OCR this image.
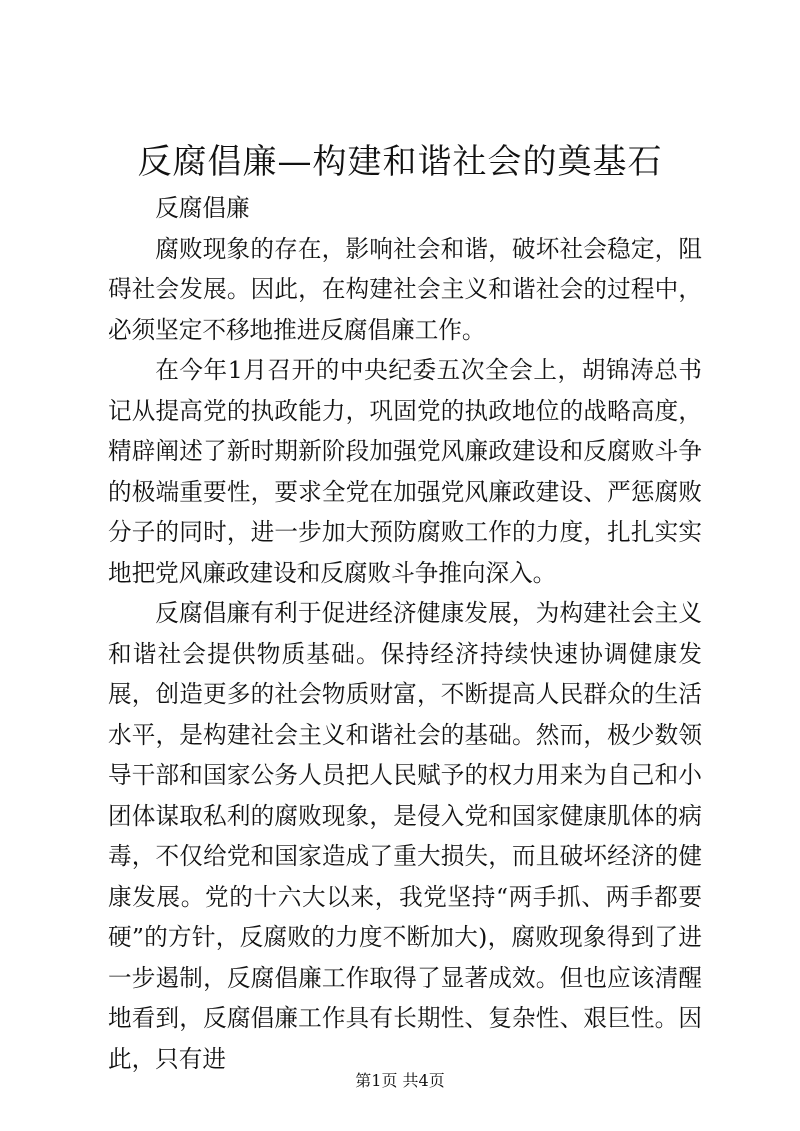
反腐倡廉—构建和谐社会的奠基石

反腐倡廉

腐败现象的存在，影响社会和谐，破坏社会稳定，阻碍社会发展。因此，在构建社会主义和谐社会的过程中，必须坚定不移地推进反腐倡廉工作。

在今年1月召开的中央纪委五次全会上，胡锦涛总书记从提高党的执政能力，巩固党的执政地位的战略高度，精辟阐述了新时期新阶段加强党风廉政建设和反腐败斗争的极端重要性，要求全党在加强党风廉政建设、严惩腐败分子的同时，进一步加大预防腐败工作的力度，扎扎实实地把党风廉政建设和反腐败斗争推向深入。

反腐倡廉有利于促进经济健康发展，为构建社会主义和谐社会提供物质基础。保持经济持续快速协调健康发展，创造更多的社会物质财富，不断提高人民群众的生活水平，是构建社会主义和谐社会的基础。然而，极少数领导干部和国家公务人员把人民赋予的权力用来为自己和小团体谋取私利的腐败现象，是侵入党和国家健康肌体的病毒，不仅给党和国家造成了重大损失，而且破坏经济的健康发展。党的十六大以来，我党坚持“两手抓、两手都要硬”的方针，反腐败的力度不断加大)，腐败现象得到了进一步遏制，反腐倡廉工作取得了显著成效。但也应该清醒地看到，反腐倡廉工作具有长期性、复杂性、艰巨性。因此，只有进

第1页 共4页
